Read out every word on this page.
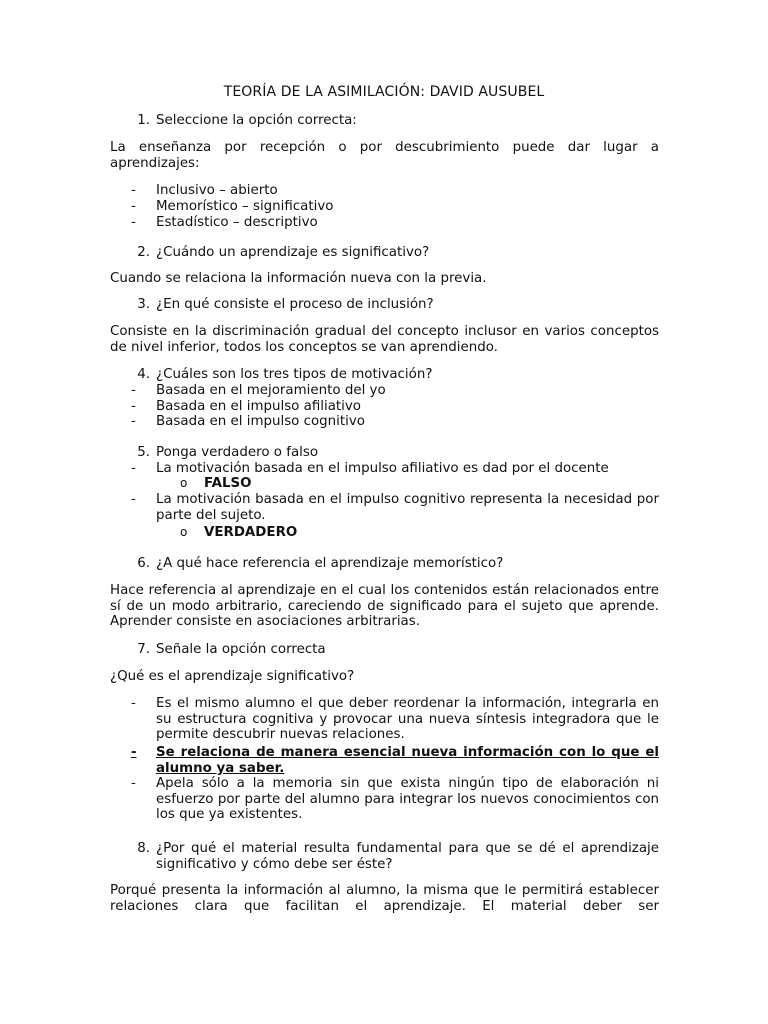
TEORÍA DE LA ASIMILACIÓN: DAVID AUSUBEL
1. Seleccione la opción correcta:
La enseñanza por recepción o por descubrimiento puede dar lugar a aprendizajes:
-	Inclusivo – abierto
-	Memorístico – significativo
-	Estadístico – descriptivo
2. ¿Cuándo un aprendizaje es significativo?
Cuando se relaciona la información nueva con la previa.
3. ¿En qué consiste el proceso de inclusión?
Consiste en la discriminación gradual del concepto inclusor en varios conceptos de nivel inferior, todos los conceptos se van aprendiendo.
4. ¿Cuáles son los tres tipos de motivación?
-	Basada en el mejoramiento del yo
-	Basada en el impulso afiliativo
-	Basada en el impulso cognitivo
5. Ponga verdadero o falso
-	La motivación basada en el impulso afiliativo es dad por el docente
o FALSO
-	La motivación basada en el impulso cognitivo representa la necesidad por parte del sujeto.
o VERDADERO
6. ¿A qué hace referencia el aprendizaje memorístico?
Hace referencia al aprendizaje en el cual los contenidos están relacionados entre sí de un modo arbitrario, careciendo de significado para el sujeto que aprende. Aprender consiste en asociaciones arbitrarias.
7. Señale la opción correcta
¿Qué es el aprendizaje significativo?
-	Es el mismo alumno el que deber reordenar la información, integrarla en su estructura cognitiva y provocar una nueva síntesis integradora que le permite descubrir nuevas relaciones.
-	Se relaciona de manera esencial nueva información con lo que el alumno ya saber.
-	Apela sólo a la memoria sin que exista ningún tipo de elaboración ni esfuerzo por parte del alumno para integrar los nuevos conocimientos con los que ya existentes.
8. ¿Por qué el material resulta fundamental para que se dé el aprendizaje significativo y cómo debe ser éste?
Porqué presenta la información al alumno, la misma que le permitirá establecer relaciones clara que facilitan el aprendizaje. El material deber ser
